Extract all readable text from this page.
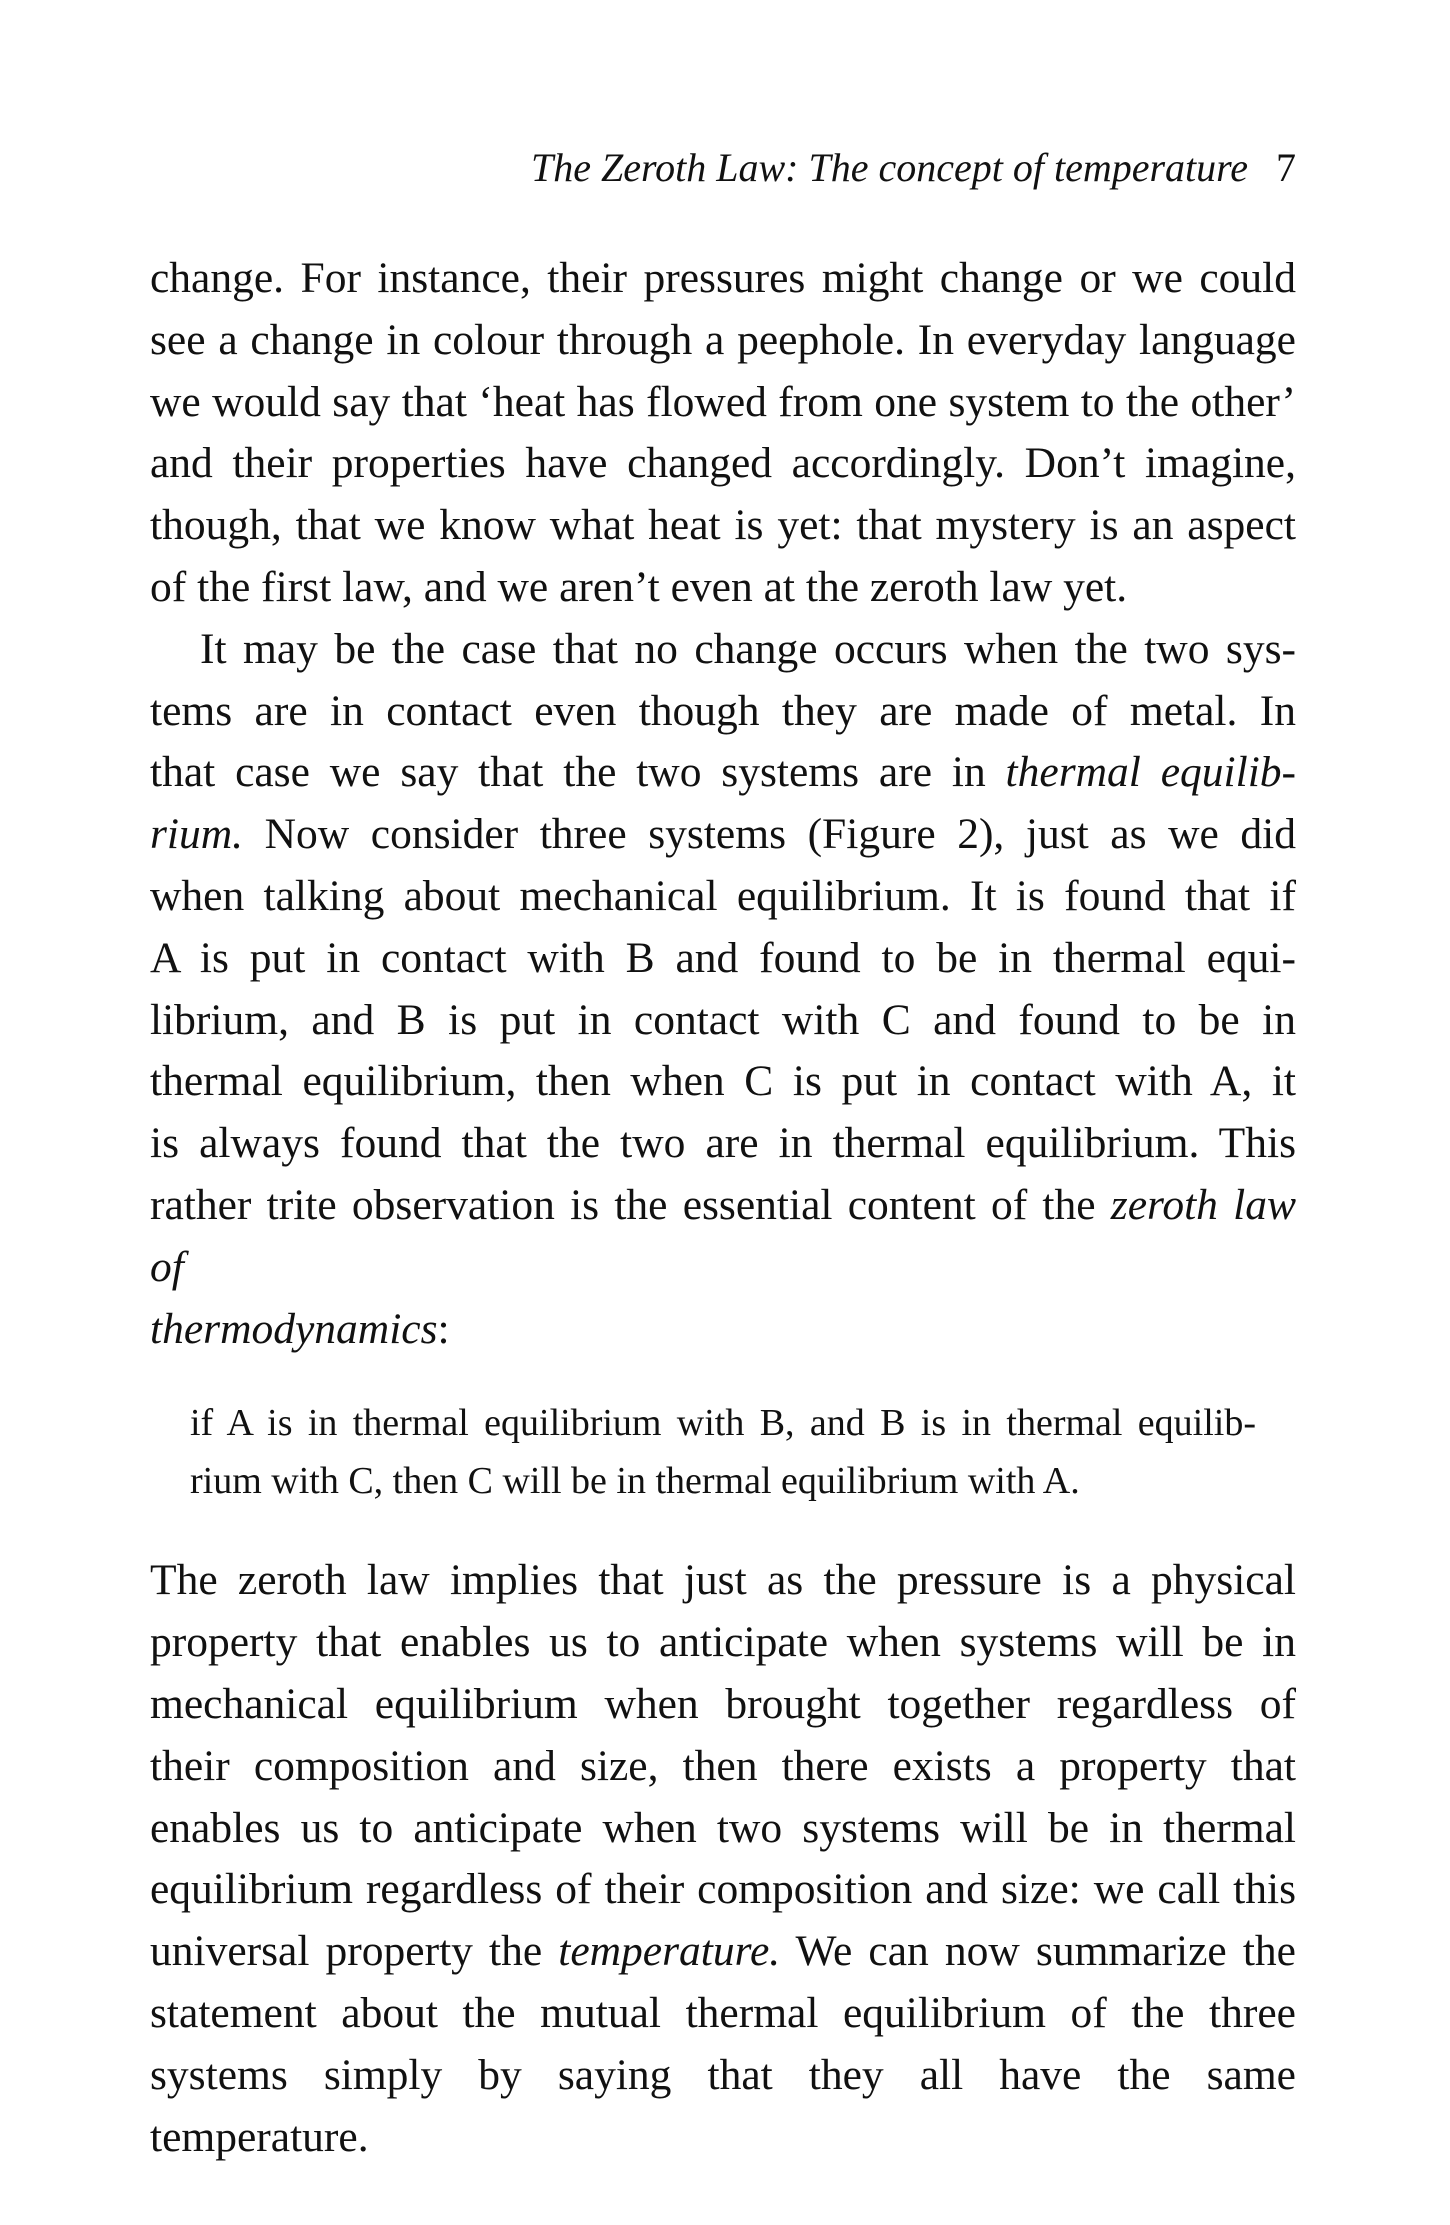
The Zeroth Law: The concept of temperature 7

change. For instance, their pressures might change or we could
see a change in colour through a peephole. In everyday language
we would say that ‘heat has flowed from one system to the other’
and their properties have changed accordingly. Don’t imagine,
though, that we know what heat is yet: that mystery is an aspect
of the first law, and we aren’t even at the zeroth law yet.

It may be the case that no change occurs when the two sys-
tems are in contact even though they are made of metal. In
that case we say that the two systems are in thermal equilib-
rium. Now consider three systems (Figure 2), just as we did
when talking about mechanical equilibrium. It is found that if
A is put in contact with B and found to be in thermal equi-
librium, and B is put in contact with C and found to be in
thermal equilibrium, then when C is put in contact with A, it
is always found that the two are in thermal equilibrium. This
rather trite observation is the essential content of the zeroth law of
thermodynamics:

if A is in thermal equilibrium with B, and B is in thermal equilib-
rium with C, then C will be in thermal equilibrium with A.

The zeroth law implies that just as the pressure is a physical
property that enables us to anticipate when systems will be in
mechanical equilibrium when brought together regardless of
their composition and size, then there exists a property that
enables us to anticipate when two systems will be in thermal
equilibrium regardless of their composition and size: we call this
universal property the temperature. We can now summarize the
statement about the mutual thermal equilibrium of the three
systems simply by saying that they all have the same temperature.
